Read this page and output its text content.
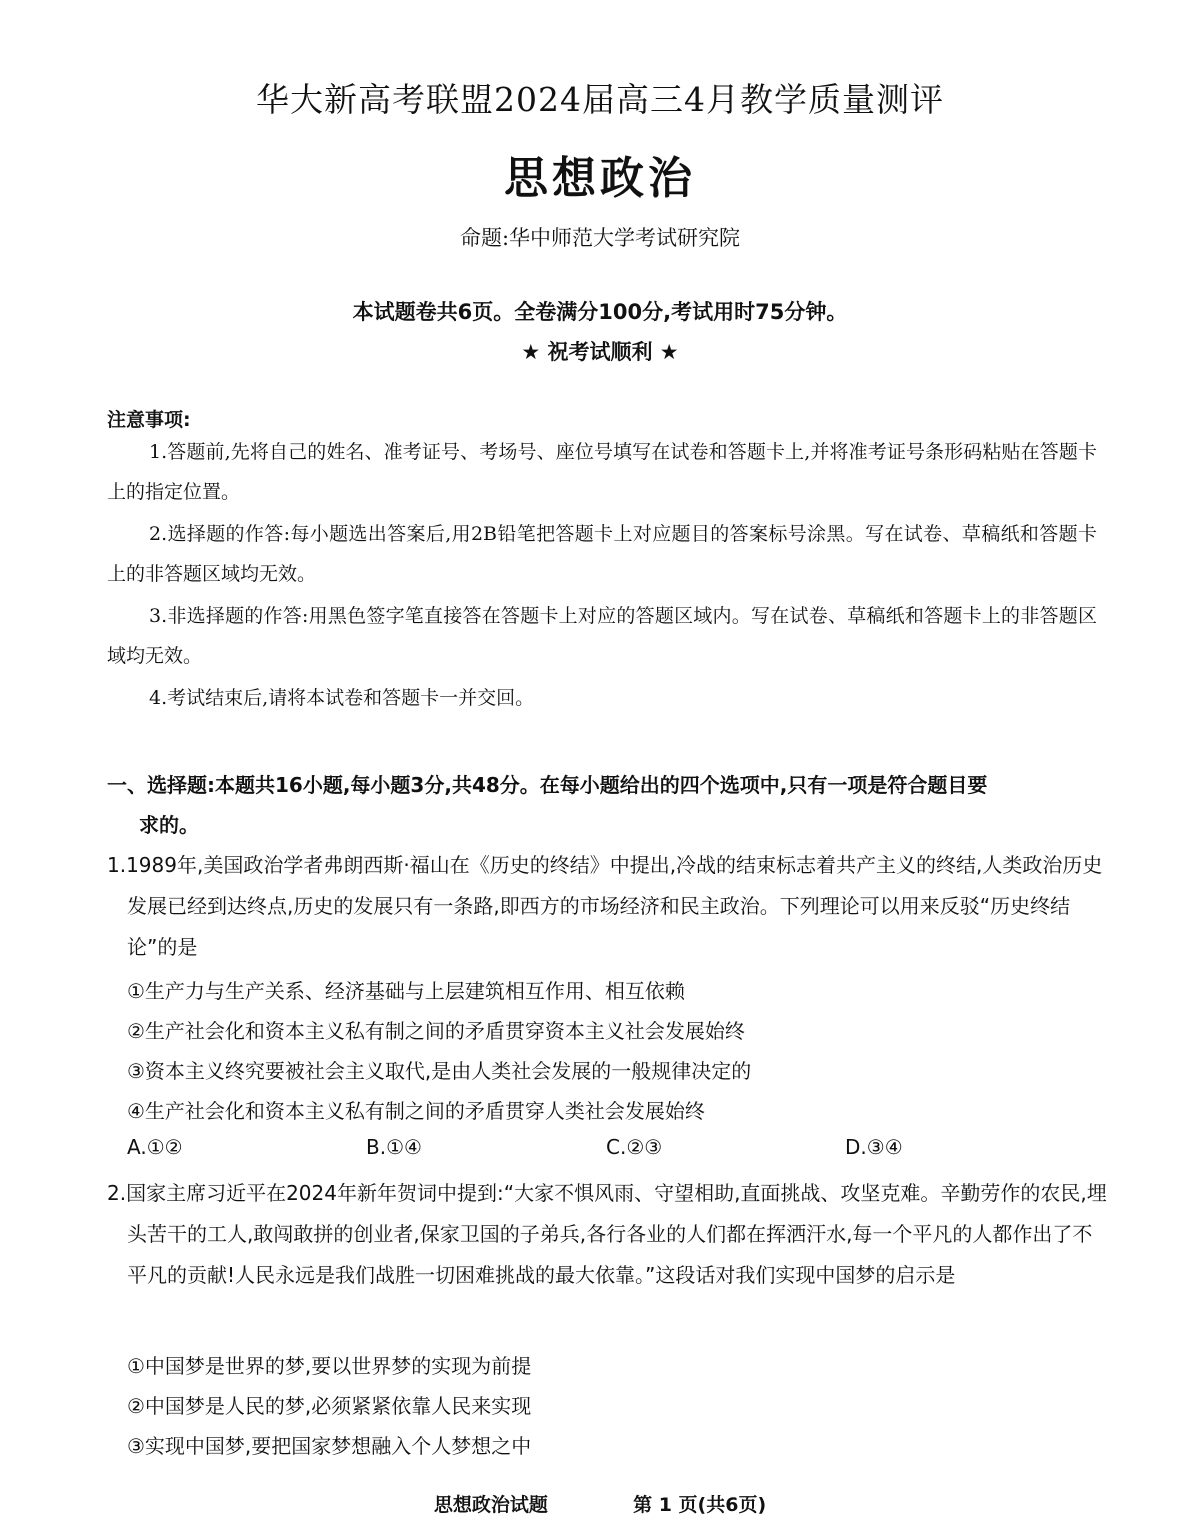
华大新高考联盟2024届高三4月教学质量测评
思想政治
命题:华中师范大学考试研究院
本试题卷共6页。全卷满分100分,考试用时75分钟。
★ 祝考试顺利 ★
注意事项:
1.答题前,先将自己的姓名、准考证号、考场号、座位号填写在试卷和答题卡上,并将准考证号条形码粘贴在答题卡上的指定位置。
2.选择题的作答:每小题选出答案后,用2B铅笔把答题卡上对应题目的答案标号涂黑。写在试卷、草稿纸和答题卡上的非答题区域均无效。
3.非选择题的作答:用黑色签字笔直接答在答题卡上对应的答题区域内。写在试卷、草稿纸和答题卡上的非答题区域均无效。
4.考试结束后,请将本试卷和答题卡一并交回。
一、选择题:本题共16小题,每小题3分,共48分。在每小题给出的四个选项中,只有一项是符合题目要
求的。
1.1989年,美国政治学者弗朗西斯·福山在《历史的终结》中提出,冷战的结束标志着共产主义的终结,人类政治历史发展已经到达终点,历史的发展只有一条路,即西方的市场经济和民主政治。下列理论可以用来反驳“历史终结论”的是
①生产力与生产关系、经济基础与上层建筑相互作用、相互依赖
②生产社会化和资本主义私有制之间的矛盾贯穿资本主义社会发展始终
③资本主义终究要被社会主义取代,是由人类社会发展的一般规律决定的
④生产社会化和资本主义私有制之间的矛盾贯穿人类社会发展始终
A.①②	B.①④	C.②③	D.③④
2.国家主席习近平在2024年新年贺词中提到:“大家不惧风雨、守望相助,直面挑战、攻坚克难。辛勤劳作的农民,埋头苦干的工人,敢闯敢拼的创业者,保家卫国的子弟兵,各行各业的人们都在挥洒汗水,每一个平凡的人都作出了不平凡的贡献!人民永远是我们战胜一切困难挑战的最大依靠。”这段话对我们实现中国梦的启示是
①中国梦是世界的梦,要以世界梦的实现为前提
②中国梦是人民的梦,必须紧紧依靠人民来实现
③实现中国梦,要把国家梦想融入个人梦想之中
思想政治试题	第 1 页(共6页)
